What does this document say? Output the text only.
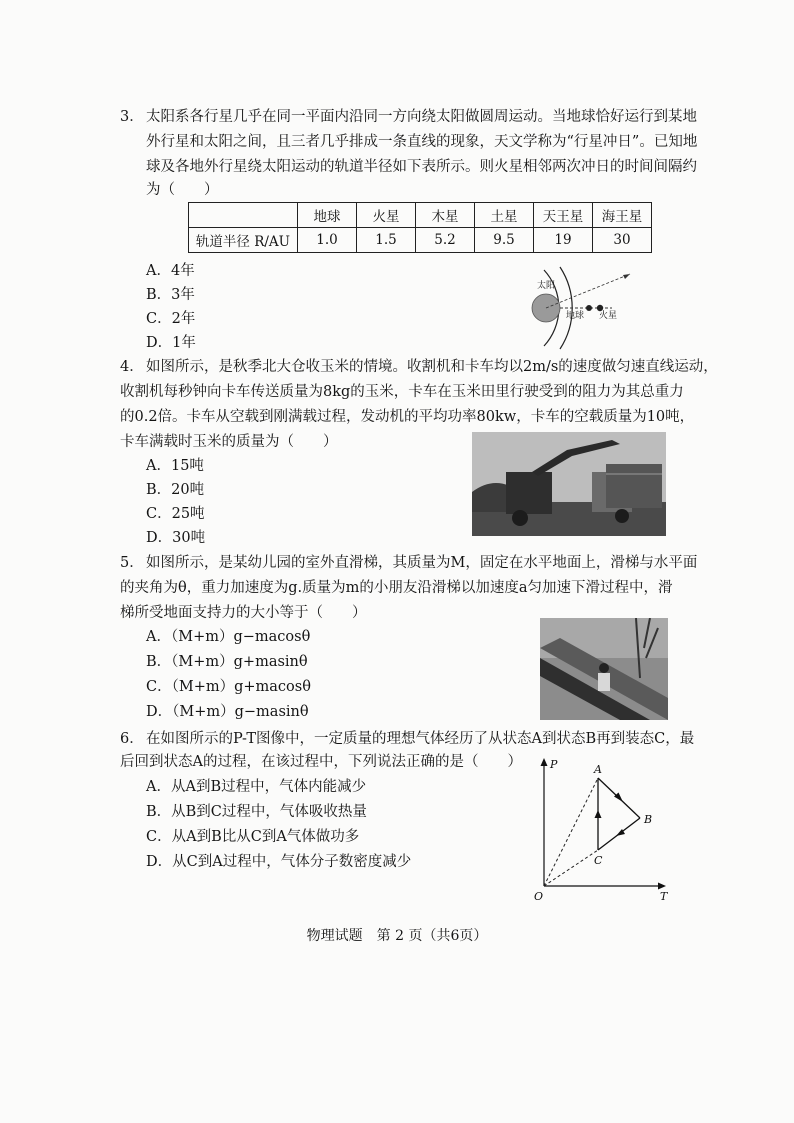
3． 太阳系各行星几乎在同一平面内沿同一方向绕太阳做圆周运动。当地球恰好运行到某地
外行星和太阳之间，且三者几乎排成一条直线的现象，天文学称为“行星冲日”。已知地
球及各地外行星绕太阳运动的轨道半径如下表所示。则火星相邻两次冲日的时间间隔约
为（　　）
	地球	火星	木星	土星	天王星	海王星
轨道半径 R/AU	1.0	1.5	5.2	9.5	19	30
A．4年
B．3年
C．2年
D．1年
太阳
地球 火星
4． 如图所示，是秋季北大仓收玉米的情境。收割机和卡车均以2m/s的速度做匀速直线运动，
收割机每秒钟向卡车传送质量为8kg的玉米，卡车在玉米田里行驶受到的阻力为其总重力
的0.2倍。卡车从空载到刚满载过程，发动机的平均功率80kw，卡车的空载质量为10吨，
卡车满载时玉米的质量为（　　）
A．15吨
B．20吨
C．25吨
D．30吨
5． 如图所示，是某幼儿园的室外直滑梯，其质量为M，固定在水平地面上，滑梯与水平面
的夹角为θ，重力加速度为g.质量为m的小朋友沿滑梯以加速度a匀加速下滑过程中，滑
梯所受地面支持力的大小等于（　　）
A．（M+m）g−macosθ
B．（M+m）g+masinθ
C．（M+m）g+macosθ
D．（M+m）g−masinθ
6． 在如图所示的P-T图像中，一定质量的理想气体经历了从状态A到状态B再到装态C，最
后回到状态A的过程，在该过程中，下列说法正确的是（　　）
A．从A到B过程中，气体内能减少
B．从B到C过程中，气体吸收热量
C．从A到B比从C到A气体做功多
D．从C到A过程中，气体分子数密度减少
P
T
O
A
B
C
物理试题　第 2 页（共6页）
